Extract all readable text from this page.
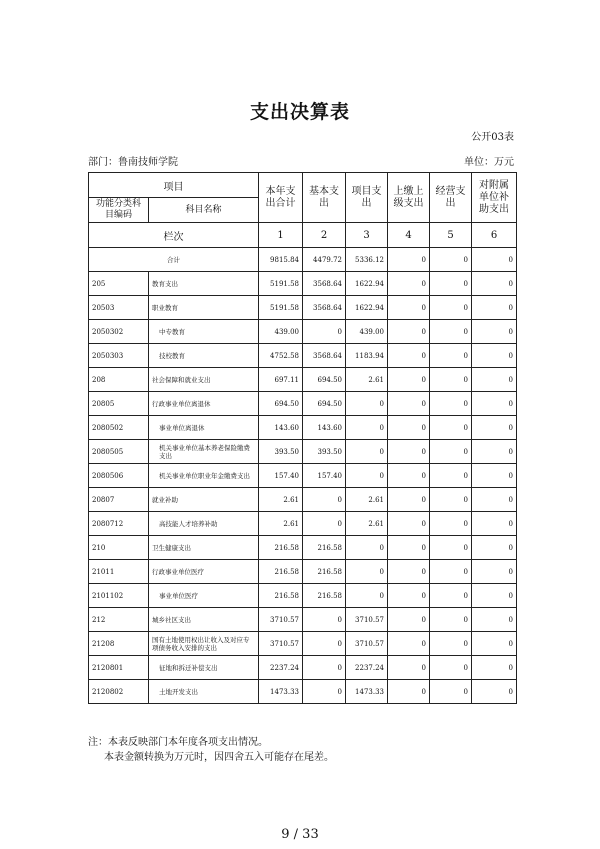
支出决算表
公开03表
部门：鲁南技师学院	单位：万元
项目		本年支出合计	基本支出	项目支出	上缴上级支出	经营支出	对附属单位补助支出
功能分类科目编码	科目名称						
栏次		1	2	3	4	5	6
合计		9815.84	4479.72	5336.12	0	0	0
205	教育支出	5191.58	3568.64	1622.94	0	0	0
20503	职业教育	5191.58	3568.64	1622.94	0	0	0
2050302	中专教育	439.00	0	439.00	0	0	0
2050303	技校教育	4752.58	3568.64	1183.94	0	0	0
208	社会保障和就业支出	697.11	694.50	2.61	0	0	0
20805	行政事业单位离退休	694.50	694.50	0	0	0	0
2080502	事业单位离退休	143.60	143.60	0	0	0	0
2080505	机关事业单位基本养老保险缴费支出	393.50	393.50	0	0	0	0
2080506	机关事业单位职业年金缴费支出	157.40	157.40	0	0	0	0
20807	就业补助	2.61	0	2.61	0	0	0
2080712	高技能人才培养补助	2.61	0	2.61	0	0	0
210	卫生健康支出	216.58	216.58	0	0	0	0
21011	行政事业单位医疗	216.58	216.58	0	0	0	0
2101102	事业单位医疗	216.58	216.58	0	0	0	0
212	城乡社区支出	3710.57	0	3710.57	0	0	0
21208	国有土地使用权出让收入及对应专项债务收入安排的支出	3710.57	0	3710.57	0	0	0
2120801	征地和拆迁补偿支出	2237.24	0	2237.24	0	0	0
2120802	土地开发支出	1473.33	0	1473.33	0	0	0
注：本表反映部门本年度各项支出情况。
本表金额转换为万元时，因四舍五入可能存在尾差。
9 / 33
